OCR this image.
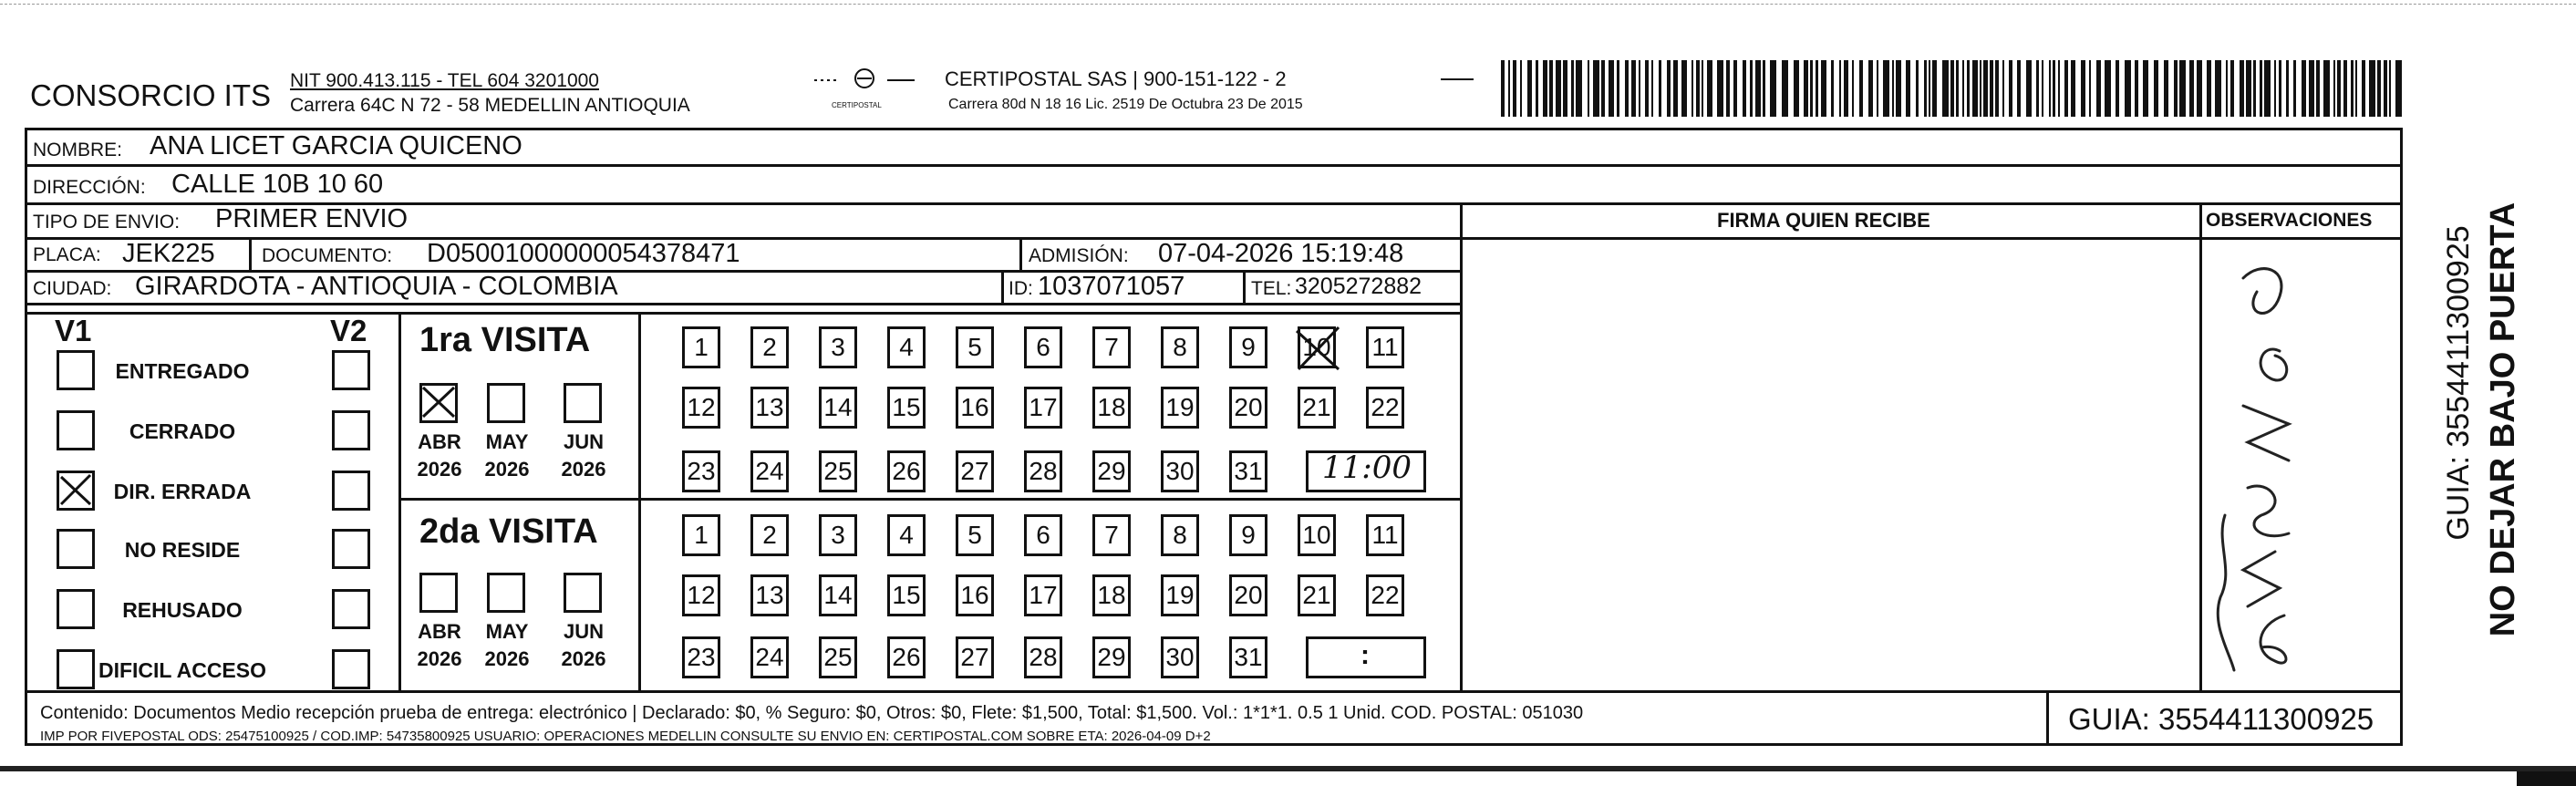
CONSORCIO ITS NIT 900.413.115 - TEL 604 3201000
Carrera 64C N 72 - 58 MEDELLIN ANTIOQUIA	CERTIPOSTAL
CERTIPOSTAL SAS | 900-151-122 - 2
Carrera 80d N 18 16 Lic. 2519 De Octubra 23 De 2015
NOMBRE: ANA LICET GARCIA QUICENO
DIRECCIÓN: CALLE 10B 10 60
TIPO DE ENVIO: PRIMER ENVIO	FIRMA QUIEN RECIBE	OBSERVACIONES
PLACA: JEK225 DOCUMENTO: D05001000000054378471	ADMISIÓN: 07-04-2026 15:19:48
CIUDAD: GIRARDOTA - ANTIOQUIA - COLOMBIA	ID: 1037071057	TEL: 3205272882
V1	V2
ENTREGADO
CERRADO
DIR. ERRADA
NO RESIDE
REHUSADO
DIFICIL ACCESO
1ra VISITA
2da VISITA
ABR
2026
MAY
2026
JUN
2026
ABR
2026
MAY
2026
JUN
2026
1 2 3 4 5 6 7 8 9 10 11
12 13 14 15 16 17 18 19 20 21 22
23 24 25 26 27 28 29 30 31
1 2 3 4 5 6 7 8 9 10 11
12 13 14 15 16 17 18 19 20 21 22
23 24 25 26 27 28 29 30 31
11:00
:
Contenido: Documentos Medio recepción prueba de entrega: electrónico | Declarado: $0, % Seguro: $0, Otros: $0, Flete: $1,500, Total: $1,500. Vol.: 1*1*1. 0.5 1 Unid. COD. POSTAL: 051030
IMP POR FIVEPOSTAL ODS: 25475100925 / COD.IMP: 54735800925 USUARIO: OPERACIONES MEDELLIN CONSULTE SU ENVIO EN: CERTIPOSTAL.COM SOBRE ETA: 2026-04-09 D+2
GUIA: 3554411300925
NO DEJAR BAJO PUERTA
GUIA: 3554411300925
